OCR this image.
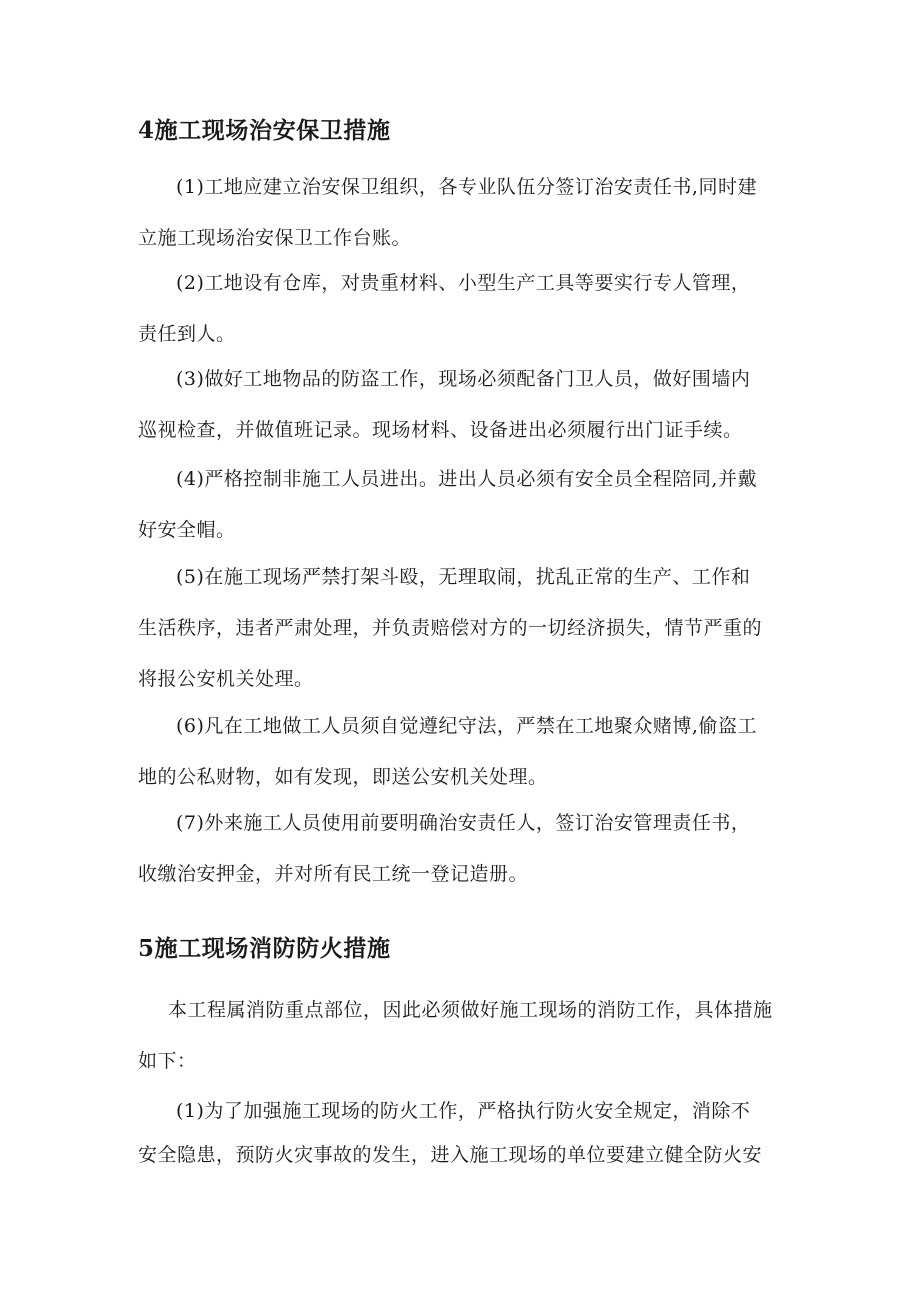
4施工现场治安保卫措施

(1)工地应建立治安保卫组织，各专业队伍分签订治安责任书,同时建
立施工现场治安保卫工作台账。

(2)工地设有仓库，对贵重材料、小型生产工具等要实行专人管理，
责任到人。

(3)做好工地物品的防盗工作，现场必须配备门卫人员，做好围墙内
巡视检查，并做值班记录。现场材料、设备进出必须履行出门证手续。

(4)严格控制非施工人员进出。进出人员必须有安全员全程陪同,并戴
好安全帽。

(5)在施工现场严禁打架斗殴，无理取闹，扰乱正常的生产、工作和
生活秩序，违者严肃处理，并负责赔偿对方的一切经济损失，情节严重的
将报公安机关处理。

(6)凡在工地做工人员须自觉遵纪守法，严禁在工地聚众赌博,偷盗工
地的公私财物，如有发现，即送公安机关处理。

(7)外来施工人员使用前要明确治安责任人，签订治安管理责任书，
收缴治安押金，并对所有民工统一登记造册。

5施工现场消防防火措施

本工程属消防重点部位，因此必须做好施工现场的消防工作，具体措施
如下：

(1)为了加强施工现场的防火工作，严格执行防火安全规定，消除不
安全隐患，预防火灾事故的发生，进入施工现场的单位要建立健全防火安
